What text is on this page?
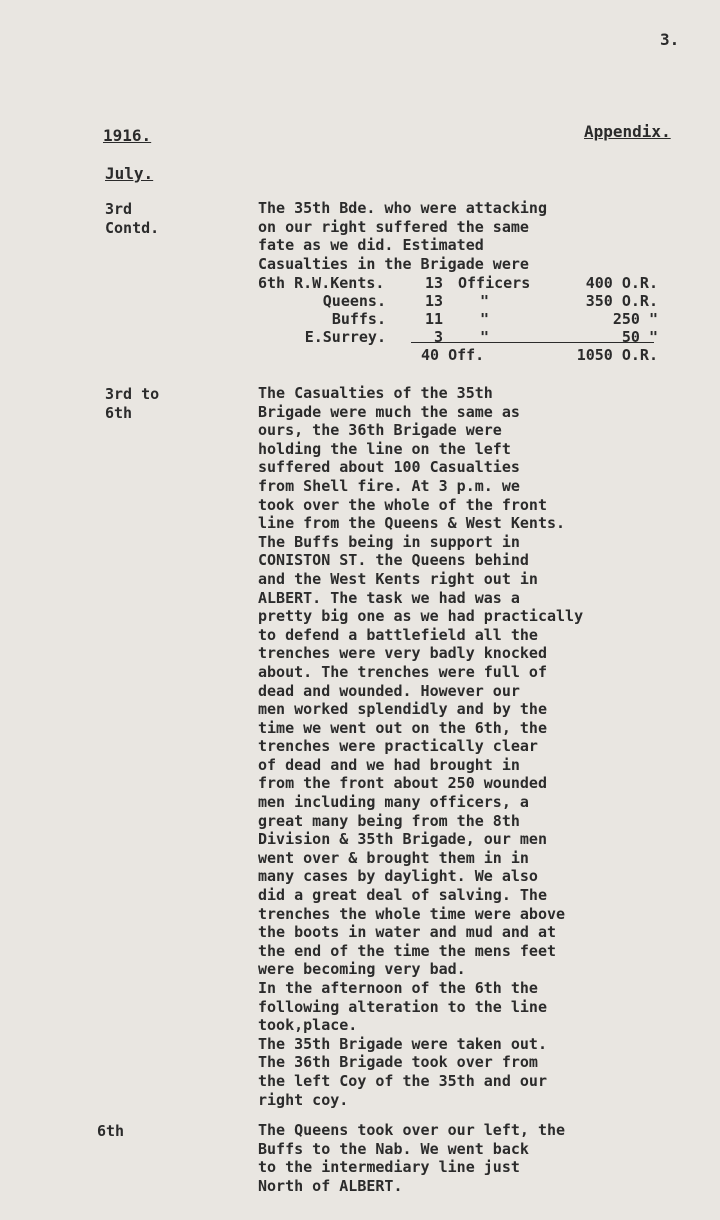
3.
1916.	Appendix.
July.
3rd
Contd.
The 35th Bde. who were attacking
on our right suffered the same
fate as we did. Estimated
Casualties in the Brigade were
6th R.W.Kents.	13 Officers	400 O.R.
Queens.	13 "	350 O.R.
Buffs.	11 "	250 "
E.Surrey.	3 "	50 "
40 Off.	1050 O.R.
3rd to
6th
The Casualties of the 35th
Brigade were much the same as
ours, the 36th Brigade were
holding the line on the left
suffered about 100 Casualties
from Shell fire. At 3 p.m. we
took over the whole of the front
line from the Queens & West Kents.
The Buffs being in support in
CONISTON ST. the Queens behind
and the West Kents right out in
ALBERT. The task we had was a
pretty big one as we had practically
to defend a battlefield all the
trenches were very badly knocked
about. The trenches were full of
dead and wounded. However our
men worked splendidly and by the
time we went out on the 6th, the
trenches were practically clear
of dead and we had brought in
from the front about 250 wounded
men including many officers, a
great many being from the 8th
Division & 35th Brigade, our men
went over & brought them in in
many cases by daylight. We also
did a great deal of salving. The
trenches the whole time were above
the boots in water and mud and at
the end of the time the mens feet
were becoming very bad.
In the afternoon of the 6th the
following alteration to the line
took,place.
The 35th Brigade were taken out.
The 36th Brigade took over from
the left Coy of the 35th and our
right coy.
6th	The Queens took over our left, the
Buffs to the Nab. We went back
to the intermediary line just
North of ALBERT.
